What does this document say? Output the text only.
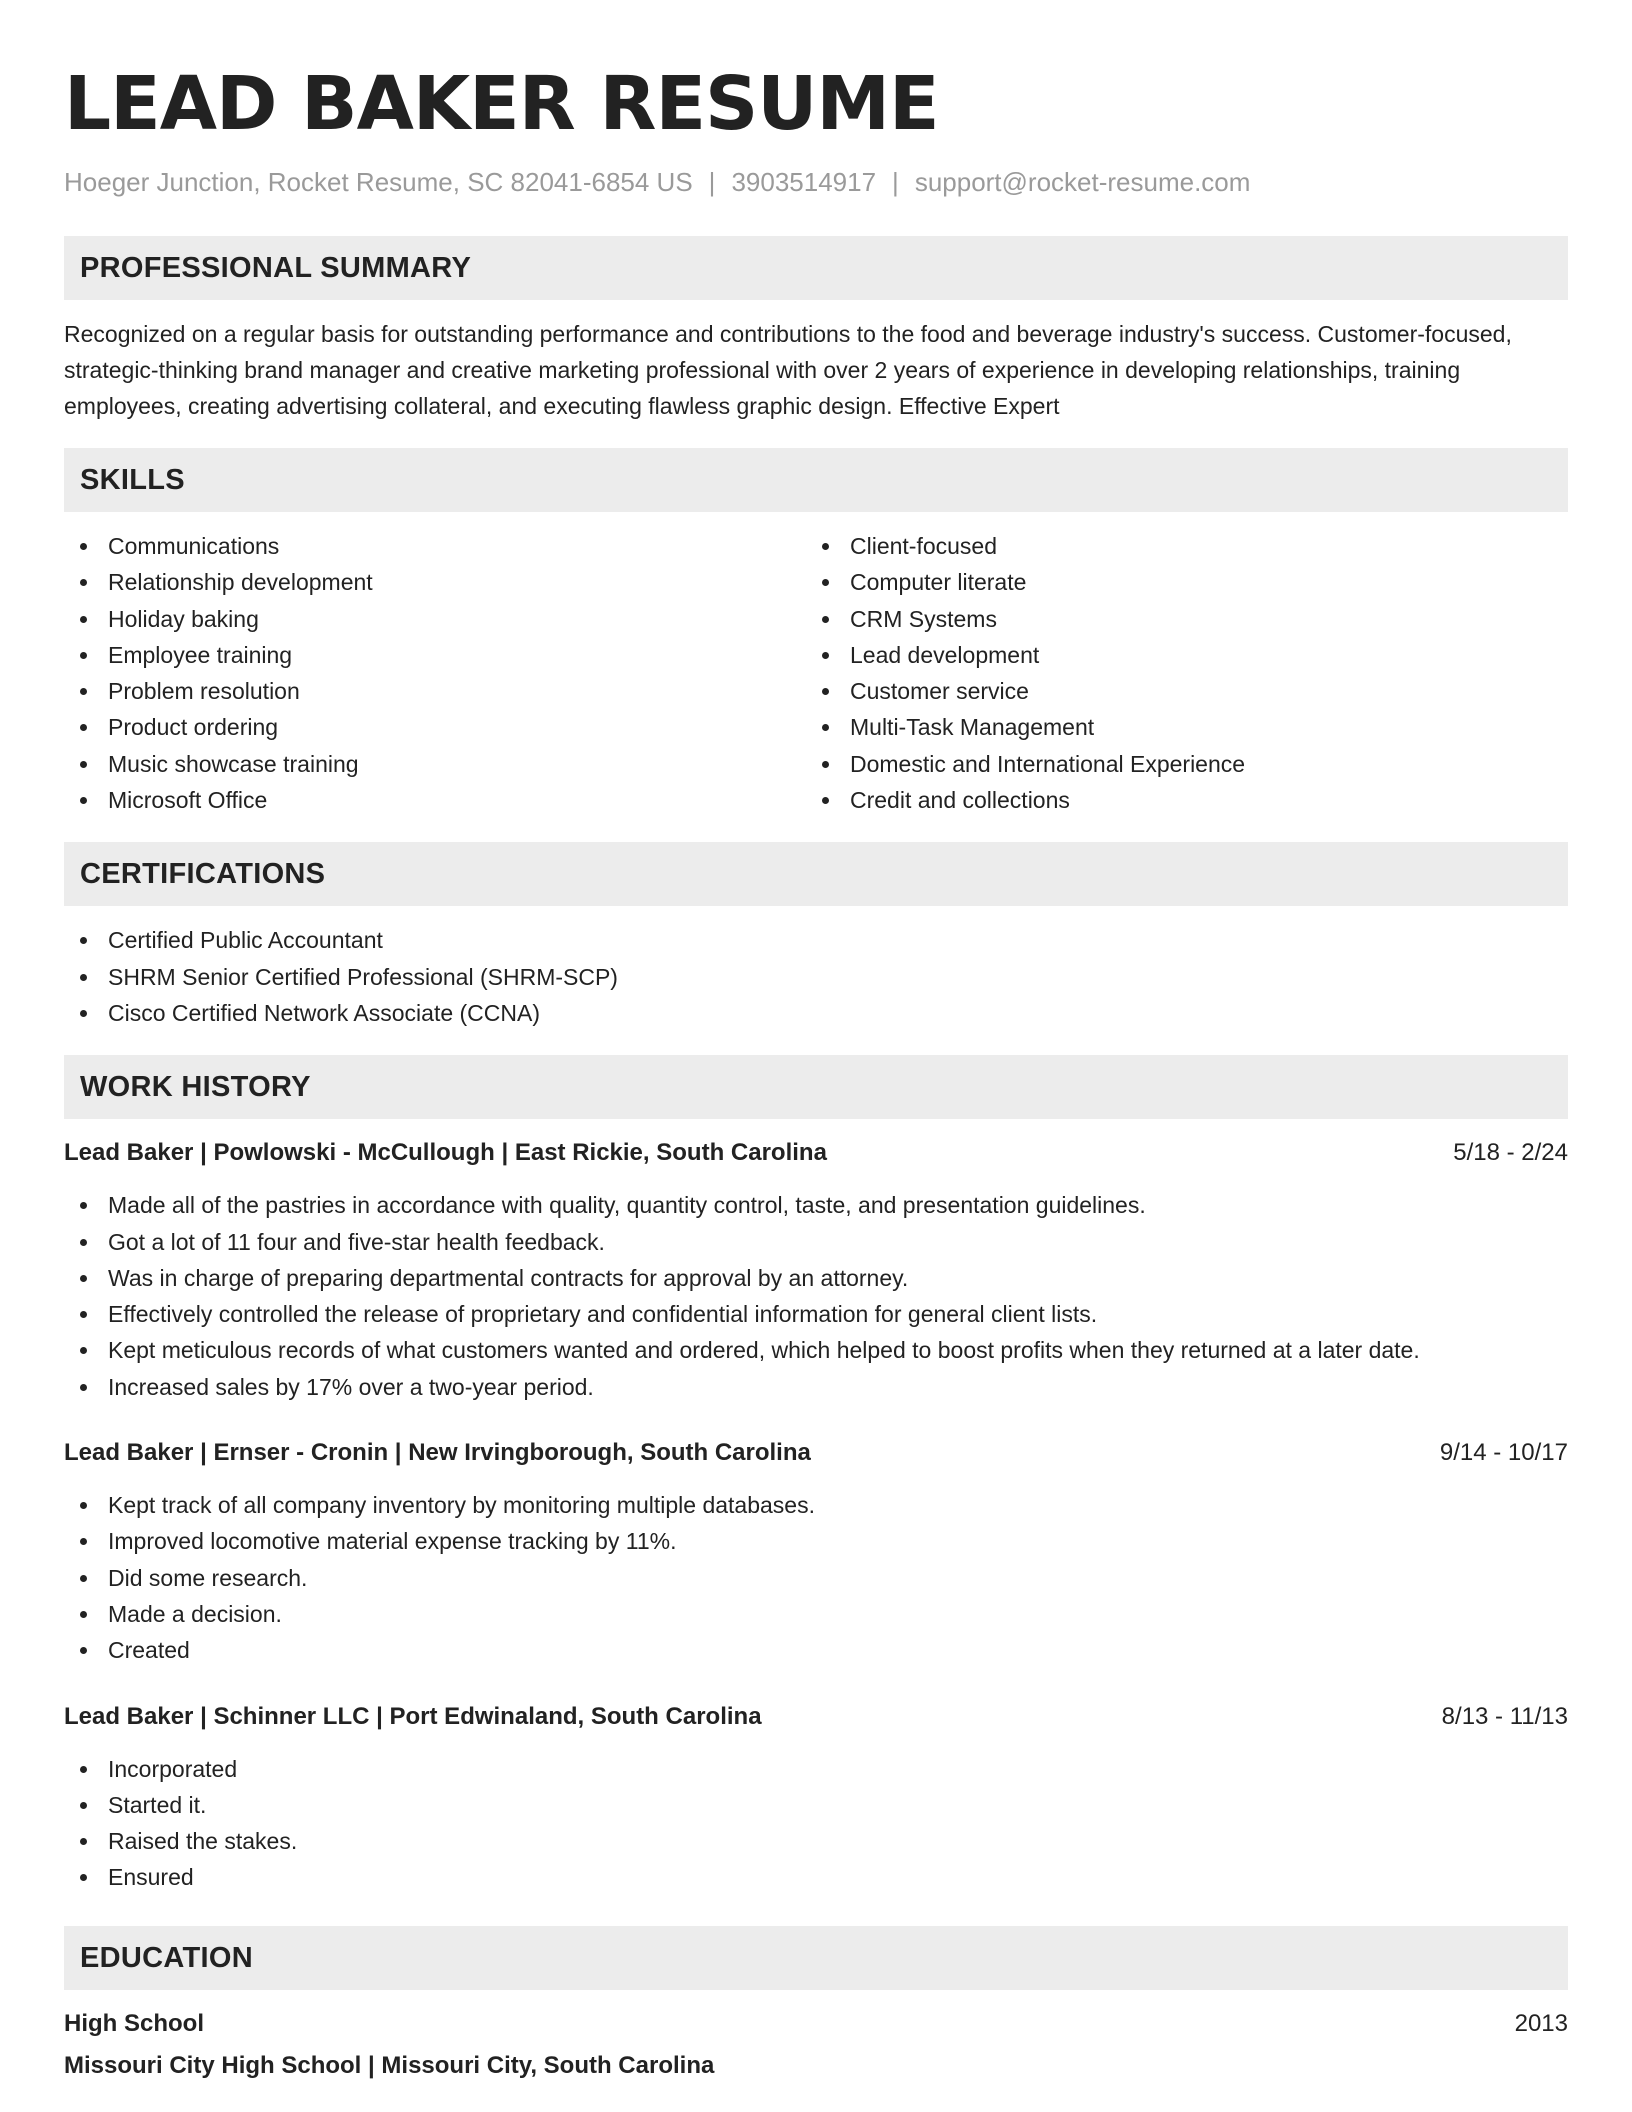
LEAD BAKER RESUME
Hoeger Junction, Rocket Resume, SC 82041-6854 US | 3903514917 | support@rocket-resume.com
PROFESSIONAL SUMMARY
Recognized on a regular basis for outstanding performance and contributions to the food and beverage industry's success. Customer-focused, strategic-thinking brand manager and creative marketing professional with over 2 years of experience in developing relationships, training employees, creating advertising collateral, and executing flawless graphic design. Effective Expert
SKILLS
Communications
Relationship development
Holiday baking
Employee training
Problem resolution
Product ordering
Music showcase training
Microsoft Office
Client-focused
Computer literate
CRM Systems
Lead development
Customer service
Multi-Task Management
Domestic and International Experience
Credit and collections
CERTIFICATIONS
Certified Public Accountant
SHRM Senior Certified Professional (SHRM-SCP)
Cisco Certified Network Associate (CCNA)
WORK HISTORY
Lead Baker | Powlowski - McCullough | East Rickie, South Carolina	5/18 - 2/24
Made all of the pastries in accordance with quality, quantity control, taste, and presentation guidelines.
Got a lot of 11 four and five-star health feedback.
Was in charge of preparing departmental contracts for approval by an attorney.
Effectively controlled the release of proprietary and confidential information for general client lists.
Kept meticulous records of what customers wanted and ordered, which helped to boost profits when they returned at a later date.
Increased sales by 17% over a two-year period.
Lead Baker | Ernser - Cronin | New Irvingborough, South Carolina	9/14 - 10/17
Kept track of all company inventory by monitoring multiple databases.
Improved locomotive material expense tracking by 11%.
Did some research.
Made a decision.
Created
Lead Baker | Schinner LLC | Port Edwinaland, South Carolina	8/13 - 11/13
Incorporated
Started it.
Raised the stakes.
Ensured
EDUCATION
High School	2013
Missouri City High School | Missouri City, South Carolina
